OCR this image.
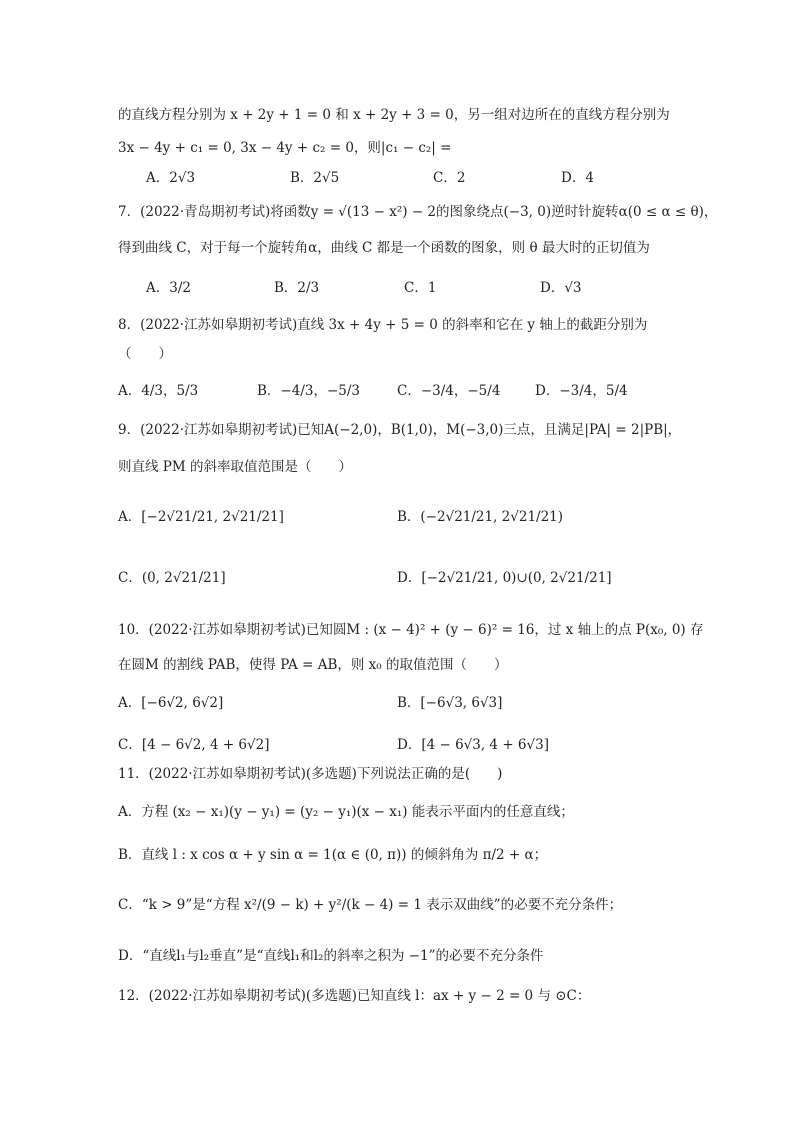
的直线方程分别为 x + 2y + 1 = 0 和 x + 2y + 3 = 0，另一组对边所在的直线方程分别为
3x − 4y + c₁ = 0, 3x − 4y + c₂ = 0，则|c₁ − c₂| =
7．(2022·青岛期初考试)将函数y = √(13 − x²) − 2的图象绕点(−3, 0)逆时针旋转α(0 ≤ α ≤ θ)，
得到曲线 C，对于每一个旋转角α，曲线 C 都是一个函数的图象，则 θ 最大时的正切值为
8．(2022·江苏如皋期初考试)直线 3x + 4y + 5 = 0 的斜率和它在 y 轴上的截距分别为
（　　）
9．(2022·江苏如皋期初考试)已知A(−2,0)，B(1,0)，M(−3,0)三点，且满足|PA| = 2|PB|，
则直线 PM 的斜率取值范围是（　　）
10．(2022·江苏如皋期初考试)已知圆M : (x − 4)² + (y − 6)² = 16，过 x 轴上的点 P(x₀, 0) 存
在圆M 的割线 PAB，使得 PA = AB，则 x₀ 的取值范围（　　）
11．(2022·江苏如皋期初考试)(多选题)下列说法正确的是(　　)
A．方程 (x₂ − x₁)(y − y₁) = (y₂ − y₁)(x − x₁) 能表示平面内的任意直线；
B．直线 l : x cos α + y sin α = 1(α ∈ (0, π)) 的倾斜角为 π/2 + α；
C．“k > 9”是“方程 x²/(9 − k) + y²/(k − 4) = 1 表示双曲线”的必要不充分条件；
D．“直线l₁与l₂垂直”是“直线l₁和l₂的斜率之积为 −1”的必要不充分条件
12．(2022·江苏如皋期初考试)(多选题)已知直线 l：ax + y − 2 = 0 与 ⊙C：
A．2√3	B．2√5	C．2	D．4
A．3/2	B．2/3	C．1	D．√3
A．4/3，5/3	B．−4/3，−5/3	C．−3/4，−5/4	D．−3/4，5/4
A．[−2√21/21, 2√21/21]	B．(−2√21/21, 2√21/21)
C．(0, 2√21/21]	D．[−2√21/21, 0)∪(0, 2√21/21]
A．[−6√2, 6√2]	B．[−6√3, 6√3]
C．[4 − 6√2, 4 + 6√2]	D．[4 − 6√3, 4 + 6√3]
